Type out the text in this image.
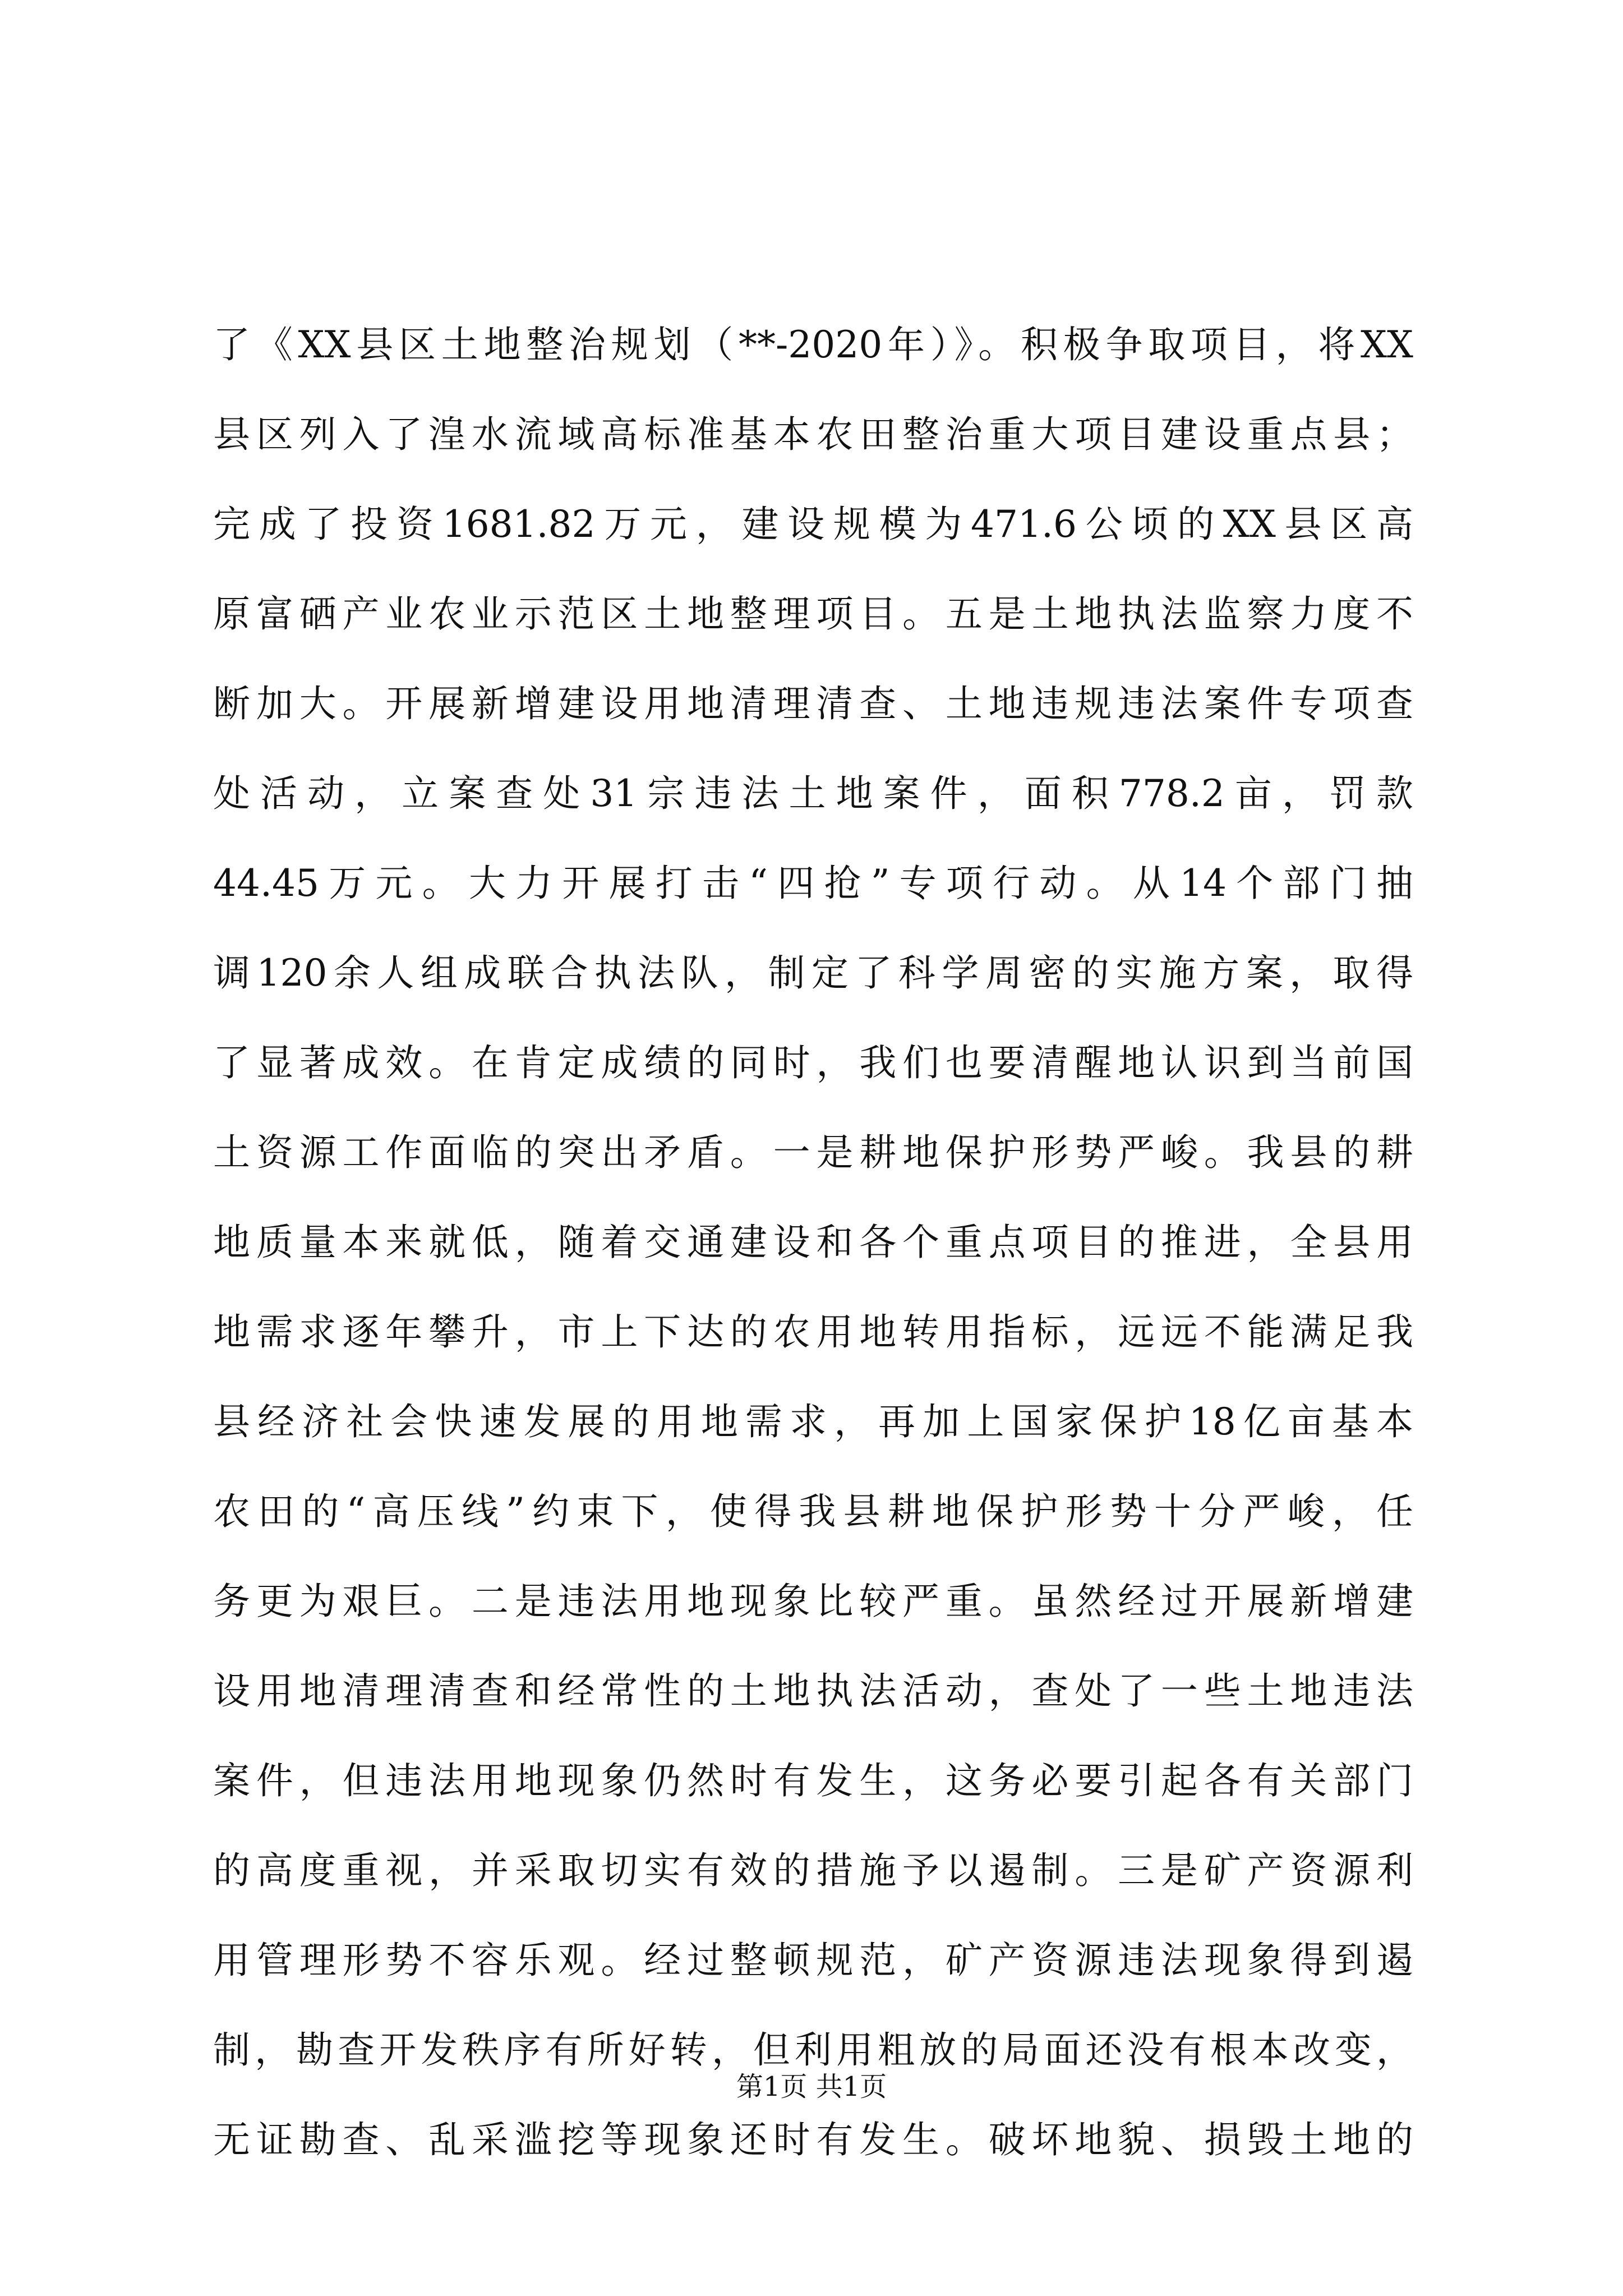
了《XX县区土地整治规划（**-2020年）》。积极争取项目，将XX
县区列入了湟水流域高标准基本农田整治重大项目建设重点县；
完成了投资1681.82万元，建设规模为471.6公顷的XX县区高
原富硒产业农业示范区土地整理项目。五是土地执法监察力度不
断加大。开展新增建设用地清理清查、土地违规违法案件专项查
处活动，立案查处31宗违法土地案件，面积778.2亩，罚款
44.45万元。大力开展打击“四抢”专项行动。从14个部门抽
调120余人组成联合执法队，制定了科学周密的实施方案，取得
了显著成效。在肯定成绩的同时，我们也要清醒地认识到当前国
土资源工作面临的突出矛盾。一是耕地保护形势严峻。我县的耕
地质量本来就低，随着交通建设和各个重点项目的推进，全县用
地需求逐年攀升，市上下达的农用地转用指标，远远不能满足我
县经济社会快速发展的用地需求，再加上国家保护18亿亩基本
农田的“高压线”约束下，使得我县耕地保护形势十分严峻，任
务更为艰巨。二是违法用地现象比较严重。虽然经过开展新增建
设用地清理清查和经常性的土地执法活动，查处了一些土地违法
案件，但违法用地现象仍然时有发生，这务必要引起各有关部门
的高度重视，并采取切实有效的措施予以遏制。三是矿产资源利
用管理形势不容乐观。经过整顿规范，矿产资源违法现象得到遏
制，勘查开发秩序有所好转，但利用粗放的局面还没有根本改变，
无证勘查、乱采滥挖等现象还时有发生。破坏地貌、损毁土地的
第1页 共1页
